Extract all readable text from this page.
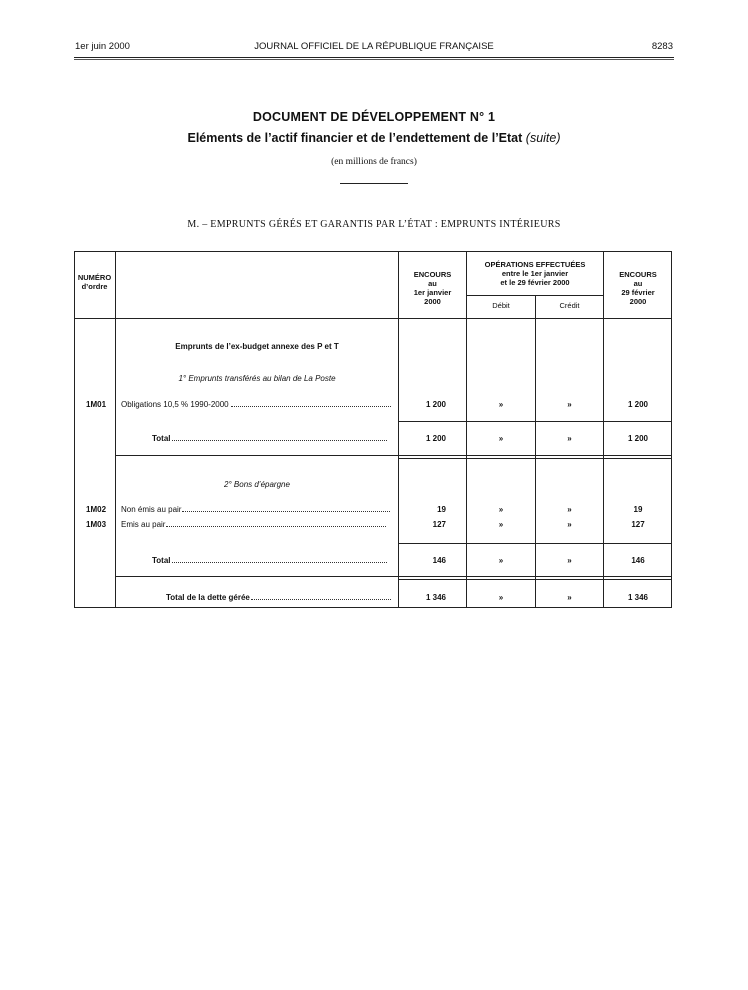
1er juin 2000	JOURNAL OFFICIEL DE LA RÉPUBLIQUE FRANÇAISE	8283
DOCUMENT DE DÉVELOPPEMENT N° 1
Eléments de l’actif financier et de l’endettement de l’Etat (suite)
(en millions de francs)
M. – EMPRUNTS GÉRÉS ET GARANTIS PAR L’ÉTAT : EMPRUNTS INTÉRIEURS
NUMÉRO
d’ordre
ENCOURS
au
1er janvier
2000
OPÉRATIONS EFFECTUÉES
entre le 1er janvier
et le 29 février 2000
Débit	Crédit
ENCOURS
au
29 février
2000
Emprunts de l’ex-budget annexe des P et T
1° Emprunts transférés au bilan de La Poste
2° Bons d’épargne
1M01 Obligations 10,5 % 1990-2000	1 200	»	»	1 200
Total	1 200	»	»	1 200
1M02 Non émis au pair	19	»	»	19
1M03 Emis au pair	127	»	»	127
Total	146	»	»	146
Total de la dette gérée	1 346	»	»	1 346
